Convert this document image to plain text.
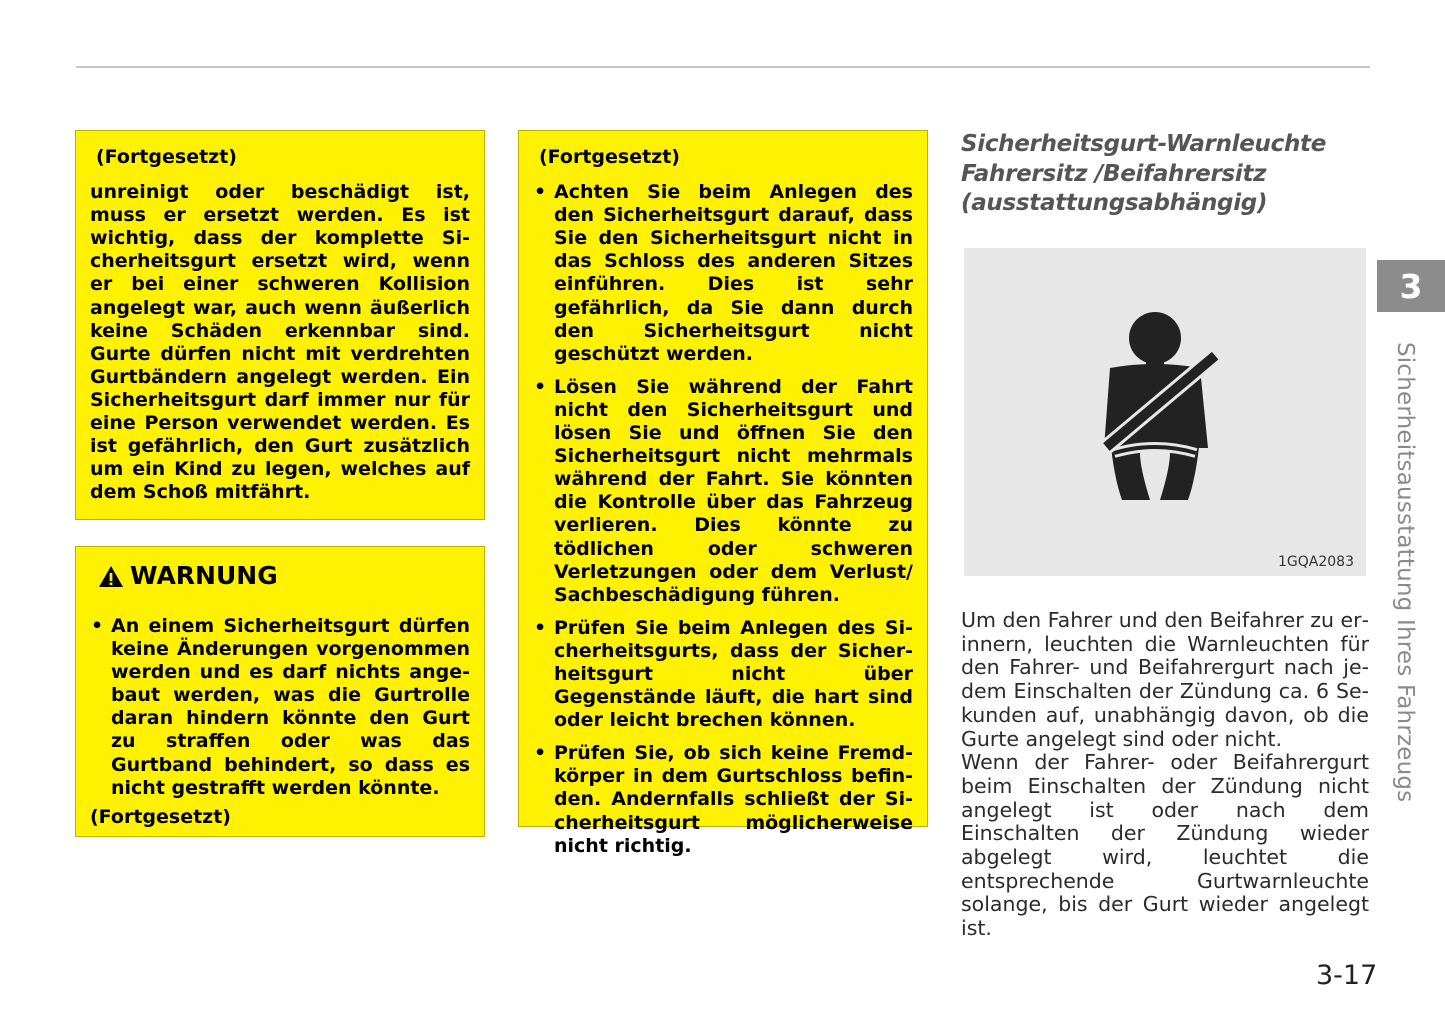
(Fortgesetzt)

unreinigt oder beschädigt ist, muss er ersetzt werden. Es ist wichtig, dass der komplette Sicherheitsgurt ersetzt wird, wenn er bei einer schweren Kollision angelegt war, auch wenn äußerlich keine Schäden erkennbar sind. Gurte dürfen nicht mit verdrehten Gurtbändern angelegt werden. Ein Sicherheitsgurt darf immer nur für eine Person verwendet werden. Es ist gefährlich, den Gurt zusätzlich um ein Kind zu legen, welches auf dem Schoß mitfährt.

WARNUNG
• An einem Sicherheitsgurt dürfen keine Änderungen vorgenommen werden und es darf nichts angebaut werden, was die Gurtrolle daran hindern könnte den Gurt zu straffen oder was das Gurtband behindert, so dass es nicht gestrafft werden könnte.
(Fortgesetzt)
(Fortgesetzt)
• Achten Sie beim Anlegen des den Sicherheitsgurt darauf, dass Sie den Sicherheitsgurt nicht in das Schloss des anderen Sitzes einführen. Dies ist sehr gefährlich, da Sie dann durch den Sicherheitsgurt nicht geschützt werden.
• Lösen Sie während der Fahrt nicht den Sicherheitsgurt und lösen Sie und öffnen Sie den Sicherheitsgurt nicht mehrmals während der Fahrt. Sie könnten die Kontrolle über das Fahrzeug verlieren. Dies könnte zu tödlichen oder schweren Verletzungen oder dem Verlust/ Sachbeschädigung führen.
• Prüfen Sie beim Anlegen des Sicherheitsgurts, dass der Sicherheitsgurt nicht über Gegenstände läuft, die hart sind oder leicht brechen können.
• Prüfen Sie, ob sich keine Fremdkörper in dem Gurtschloss befinden. Andernfalls schließt der Sicherheitsgurt möglicherweise nicht richtig.
Sicherheitsgurt-Warnleuchte
Fahrersitz /Beifahrersitz
(ausstattungsabhängig)
1GQA2083

Um den Fahrer und den Beifahrer zu erinnern, leuchten die Warnleuchten für den Fahrer- und Beifahrergurt nach jedem Einschalten der Zündung ca. 6 Sekunden auf, unabhängig davon, ob die Gurte angelegt sind oder nicht.

Wenn der Fahrer- oder Beifahrergurt beim Einschalten der Zündung nicht angelegt ist oder nach dem Einschalten der Zündung wieder abgelegt wird, leuchtet die entsprechende Gurtwarnleuchte solange, bis der Gurt wieder angelegt ist.

3
Sicherheitsausstattung Ihres Fahrzeugs
3-17
